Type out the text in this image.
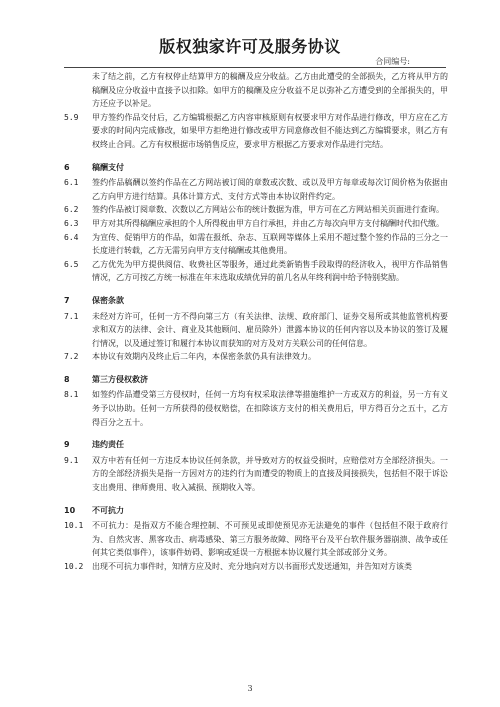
版权独家许可及服务协议
合同编号:
未了结之前，乙方有权停止结算甲方的稿酬及应分收益。乙方由此遭受的全部损失，乙方将从甲方的稿酬及应分收益中直接予以扣除。如甲方的稿酬及应分收益不足以弥补乙方遭受到的全部损失的，甲方还应予以补足。
5.9	甲方签约作品交付后，乙方编辑根据乙方内容审核原则有权要求甲方对作品进行修改，甲方应在乙方要求的时间内完成修改，如果甲方拒绝进行修改或甲方同意修改但不能达到乙方编辑要求，则乙方有权终止合同。乙方有权根据市场销售反应，要求甲方根据乙方要求对作品进行完结。
6	稿酬支付
6.1	签约作品稿酬以签约作品在乙方网站被订阅的章数或次数、或以及甲方每章或每次订阅价格为依据由乙方向甲方进行结算。具体计算方式、支付方式等由本协议附件约定。
6.2	签约作品被订阅章数、次数以乙方网站公布的统计数据为准，甲方可在乙方网站相关页面进行查询。
6.3	甲方对其所得稿酬应承担的个人所得税由甲方自行承担，并由乙方每次向甲方支付稿酬时代扣代缴。
6.4	为宣传、促销甲方的作品，如需在报纸、杂志、互联网等媒体上采用不超过整个签约作品的三分之一长度进行转载，乙方无需另向甲方支付稿酬或其他费用。
6.5	乙方优先为甲方提供阅信、收费社区等服务，通过此类新销售手段取得的经济收入，视甲方作品销售情况，乙方可按乙方统一标准在年末选取成绩优异的前几名从年终利润中给予特别奖励。
7	保密条款
7.1	未经对方许可，任何一方不得向第三方（有关法律、法规、政府部门、证券交易所或其他监管机构要求和双方的法律、会计、商业及其他顾问、雇员除外）泄露本协议的任何内容以及本协议的签订及履行情况，以及通过签订和履行本协议而获知的对方及对方关联公司的任何信息。
7.2	本协议有效期内及终止后二年内，本保密条款仍具有法律效力。
8	第三方侵权救济
8.1	如签约作品遭受第三方侵权时，任何一方均有权采取法律等措施维护一方或双方的利益，另一方有义务予以协助。任何一方所获得的侵权赔偿，在扣除该方支付的相关费用后，甲方得百分之五十，乙方得百分之五十。
9	违约责任
9.1	双方中若有任何一方违反本协议任何条款，并导致对方的权益受损时，应赔偿对方全部经济损失。一方的全部经济损失是指一方因对方的违约行为而遭受的物质上的直接及间接损失，包括但不限于诉讼支出费用、律师费用、收入减损、预期收入等。
10	不可抗力
10.1	不可抗力：是指双方不能合理控制、不可预见或即使预见亦无法避免的事件（包括但不限于政府行为、自然灾害、黑客攻击、病毒感染、第三方服务故障、网络平台及平台软件服务器崩溃、战争或任何其它类似事件），该事件妨碍、影响或延误一方根据本协议履行其全部或部分义务。
10.2	出现不可抗力事件时，知情方应及时、充分地向对方以书面形式发送通知，并告知对方该类
3
